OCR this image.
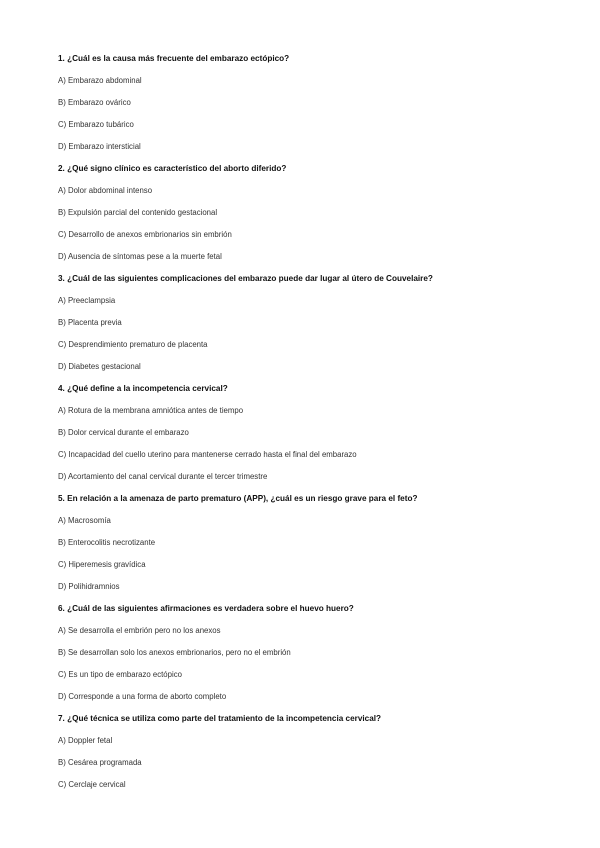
1. ¿Cuál es la causa más frecuente del embarazo ectópico?
A) Embarazo abdominal
B) Embarazo ovárico
C) Embarazo tubárico
D) Embarazo intersticial
2. ¿Qué signo clínico es característico del aborto diferido?
A) Dolor abdominal intenso
B) Expulsión parcial del contenido gestacional
C) Desarrollo de anexos embrionarios sin embrión
D) Ausencia de síntomas pese a la muerte fetal
3. ¿Cuál de las siguientes complicaciones del embarazo puede dar lugar al útero de Couvelaire?
A) Preeclampsia
B) Placenta previa
C) Desprendimiento prematuro de placenta
D) Diabetes gestacional
4. ¿Qué define a la incompetencia cervical?
A) Rotura de la membrana amniótica antes de tiempo
B) Dolor cervical durante el embarazo
C) Incapacidad del cuello uterino para mantenerse cerrado hasta el final del embarazo
D) Acortamiento del canal cervical durante el tercer trimestre
5. En relación a la amenaza de parto prematuro (APP), ¿cuál es un riesgo grave para el feto?
A) Macrosomía
B) Enterocolitis necrotizante
C) Hiperemesis gravídica
D) Polihidramnios
6. ¿Cuál de las siguientes afirmaciones es verdadera sobre el huevo huero?
A) Se desarrolla el embrión pero no los anexos
B) Se desarrollan solo los anexos embrionarios, pero no el embrión
C) Es un tipo de embarazo ectópico
D) Corresponde a una forma de aborto completo
7. ¿Qué técnica se utiliza como parte del tratamiento de la incompetencia cervical?
A) Doppler fetal
B) Cesárea programada
C) Cerclaje cervical
